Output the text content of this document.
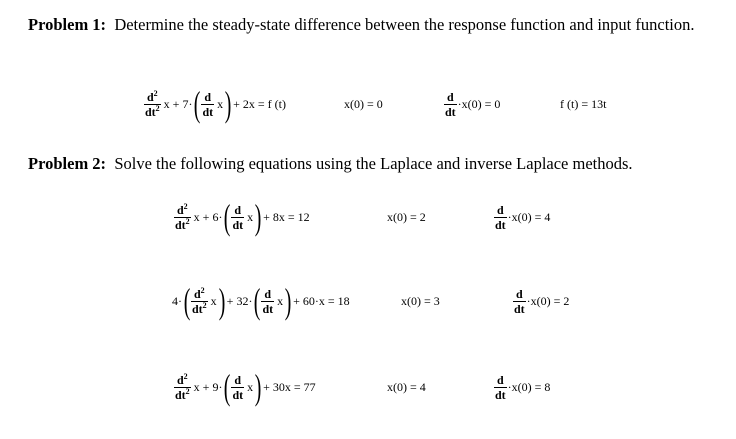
Problem 1: Determine the steady-state difference between the response function and input function.
$\frac{d^2}{dt^2}$ x + 7· ( $\frac{d}{dt}$ x ) + 2x = f (t)	x(0) = 0	$\frac{d}{dt} \cdot x(0) = 0$	f (t) = 13t
Problem 2: Solve the following equations using the Laplace and inverse Laplace methods.
$\frac{d^2}{dt^2}$ x + 6· ( $\frac{d}{dt}$ x ) + 8x = 12	x(0) = 2	$\frac{d}{dt} \cdot x(0) = 4$
4· ( $\frac{d^2}{dt^2}$ x ) + 32· ( $\frac{d}{dt}$ x ) + 60·x = 18	x(0) = 3	$\frac{d}{dt} \cdot x(0) = 2$
$\frac{d^2}{dt^2}$ x + 9· ( $\frac{d}{dt}$ x ) + 30x = 77	x(0) = 4	$\frac{d}{dt} \cdot x(0) = 8$
